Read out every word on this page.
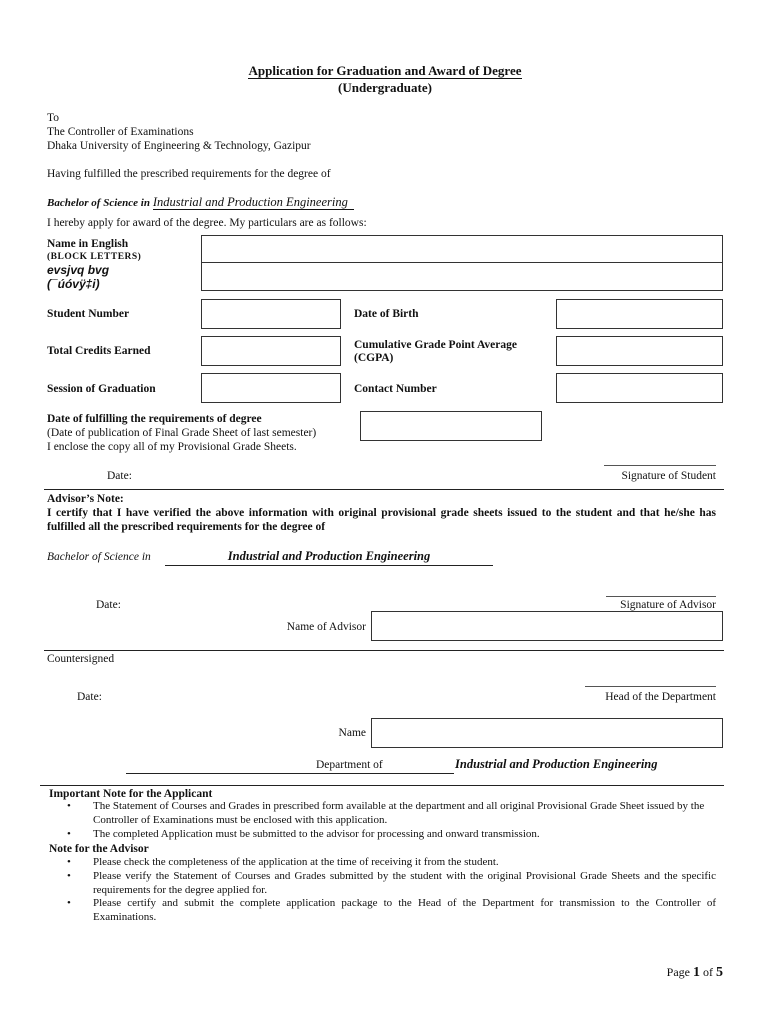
Application for Graduation and Award of Degree
(Undergraduate)
To
The Controller of Examinations
Dhaka University of Engineering & Technology, Gazipur
Having fulfilled the prescribed requirements for the degree of
Bachelor of Science in Industrial and Production Engineering
I hereby apply for award of the degree. My particulars are as follows:
Name in English
(BLOCK LETTERS)
evsjvq bvg
(¯úóvÿ‡i)
Student Number	Date of Birth
Total Credits Earned	Cumulative Grade Point Average
(CGPA)
Session of Graduation	Contact Number
Date of fulfilling the requirements of degree
(Date of publication of Final Grade Sheet of last semester)
I enclose the copy all of my Provisional Grade Sheets.
Date:	Signature of Student
Advisor’s Note:
I certify that I have verified the above information with original provisional grade sheets issued to the student and that he/she has fulfilled all the prescribed requirements for the degree of
Bachelor of Science in	Industrial and Production Engineering
Date:	Signature of Advisor
Name of Advisor
Countersigned
Date:	Head of the Department
Name
Department of	Industrial and Production Engineering
Important Note for the Applicant
• The Statement of Courses and Grades in prescribed form available at the department and all original Provisional Grade Sheet issued by the Controller of Examinations must be enclosed with this application.
• The completed Application must be submitted to the advisor for processing and onward transmission.
Note for the Advisor
• Please check the completeness of the application at the time of receiving it from the student.
• Please verify the Statement of Courses and Grades submitted by the student with the original Provisional Grade Sheets and the specific requirements for the degree applied for.
• Please certify and submit the complete application package to the Head of the Department for transmission to the Controller of Examinations.
Page 1 of 5
